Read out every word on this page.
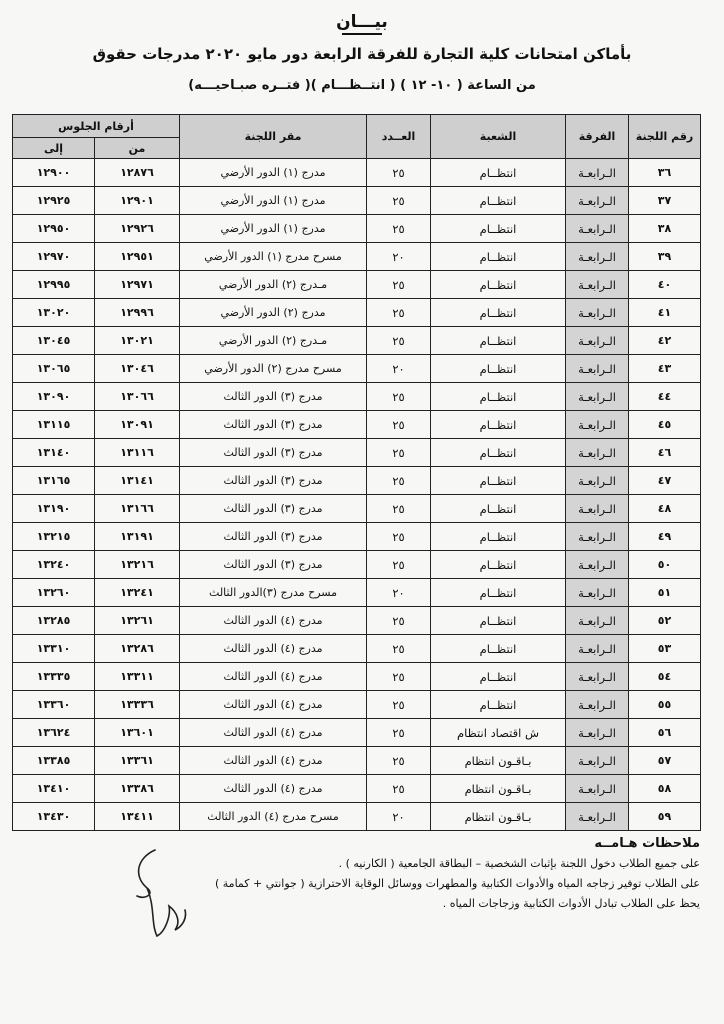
بيـــان
بأماكن امتحانات كلية التجارة للفرقة الرابعة دور مايو ٢٠٢٠ مدرجات حقوق
(فتــره صبـاحيـــه )من الساعة ( ١٠- ١٢ ) ( انتــظـــام )
رقم اللجنة	الفرقة	الشعبة	العــدد	مقر اللجنة	أرقام الجلوس	
					من	إلى
٣٦	الـرابعـة	انتظــام	٢٥	مدرج (١) الدور الأرضي	١٢٨٧٦	١٢٩٠٠
٣٧	الـرابعـة	انتظــام	٢٥	مدرج (١) الدور الأرضي	١٢٩٠١	١٢٩٢٥
٣٨	الـرابعـة	انتظــام	٢٥	مدرج (١) الدور الأرضي	١٢٩٢٦	١٢٩٥٠
٣٩	الـرابعـة	انتظــام	٢٠	مسرح مدرج (١) الدور الأرضي	١٢٩٥١	١٢٩٧٠
٤٠	الـرابعـة	انتظــام	٢٥	مـدرج (٢) الدور الأرضي	١٢٩٧١	١٢٩٩٥
٤١	الـرابعـة	انتظــام	٢٥	مدرج (٢) الدور الأرضي	١٢٩٩٦	١٣٠٢٠
٤٢	الـرابعـة	انتظــام	٢٥	مـدرج (٢) الدور الأرضي	١٣٠٢١	١٣٠٤٥
٤٣	الـرابعـة	انتظــام	٢٠	مسرح مدرج (٢) الدور الأرضي	١٣٠٤٦	١٣٠٦٥
٤٤	الـرابعـة	انتظــام	٢٥	مدرج (٣) الدور الثالث	١٣٠٦٦	١٣٠٩٠
٤٥	الـرابعـة	انتظــام	٢٥	مدرج (٣) الدور الثالث	١٣٠٩١	١٣١١٥
٤٦	الـرابعـة	انتظــام	٢٥	مدرج (٣) الدور الثالث	١٣١١٦	١٣١٤٠
٤٧	الـرابعـة	انتظــام	٢٥	مدرج (٣) الدور الثالث	١٣١٤١	١٣١٦٥
٤٨	الـرابعـة	انتظــام	٢٥	مدرج (٣) الدور الثالث	١٣١٦٦	١٣١٩٠
٤٩	الـرابعـة	انتظــام	٢٥	مدرج (٣) الدور الثالث	١٣١٩١	١٣٢١٥
٥٠	الـرابعـة	انتظــام	٢٥	مدرج (٣) الدور الثالث	١٣٢١٦	١٣٢٤٠
٥١	الـرابعـة	انتظــام	٢٠	مسرح مدرج (٣)الدور الثالث	١٣٢٤١	١٣٢٦٠
٥٢	الـرابعـة	انتظــام	٢٥	مدرج (٤) الدور الثالث	١٣٢٦١	١٣٢٨٥
٥٣	الـرابعـة	انتظــام	٢٥	مدرج (٤) الدور الثالث	١٣٢٨٦	١٣٣١٠
٥٤	الـرابعـة	انتظــام	٢٥	مدرج (٤) الدور الثالث	١٣٣١١	١٣٣٣٥
٥٥	الـرابعـة	انتظــام	٢٥	مدرج (٤) الدور الثالث	١٣٣٣٦	١٣٣٦٠
٥٦	الـرابعـة	ش اقتصاد انتظام	٢٥	مدرج (٤) الدور الثالث	١٣٦٠١	١٣٦٢٤
٥٧	الـرابعـة	بـاقـون انتظام	٢٥	مدرج (٤) الدور الثالث	١٣٣٦١	١٣٣٨٥
٥٨	الـرابعـة	بـاقـون انتظام	٢٥	مدرج (٤) الدور الثالث	١٣٣٨٦	١٣٤١٠
٥٩	الـرابعـة	بـاقـون انتظام	٢٠	مسرح مدرج (٤) الدور الثالث	١٣٤١١	١٣٤٣٠
ملاحظات هـامــه

على جميع الطلاب دخول اللجنة بإثبات الشخصية – البطاقة الجامعية ( الكارنيه ) .

على الطلاب توفير زجاجه المياه والأدوات الكتابية والمطهرات ووسائل الوقاية الاحترازية ( جوانتي + كمامة )

يحظ على الطلاب تبادل الأدوات الكتابية وزجاجات المياه .
